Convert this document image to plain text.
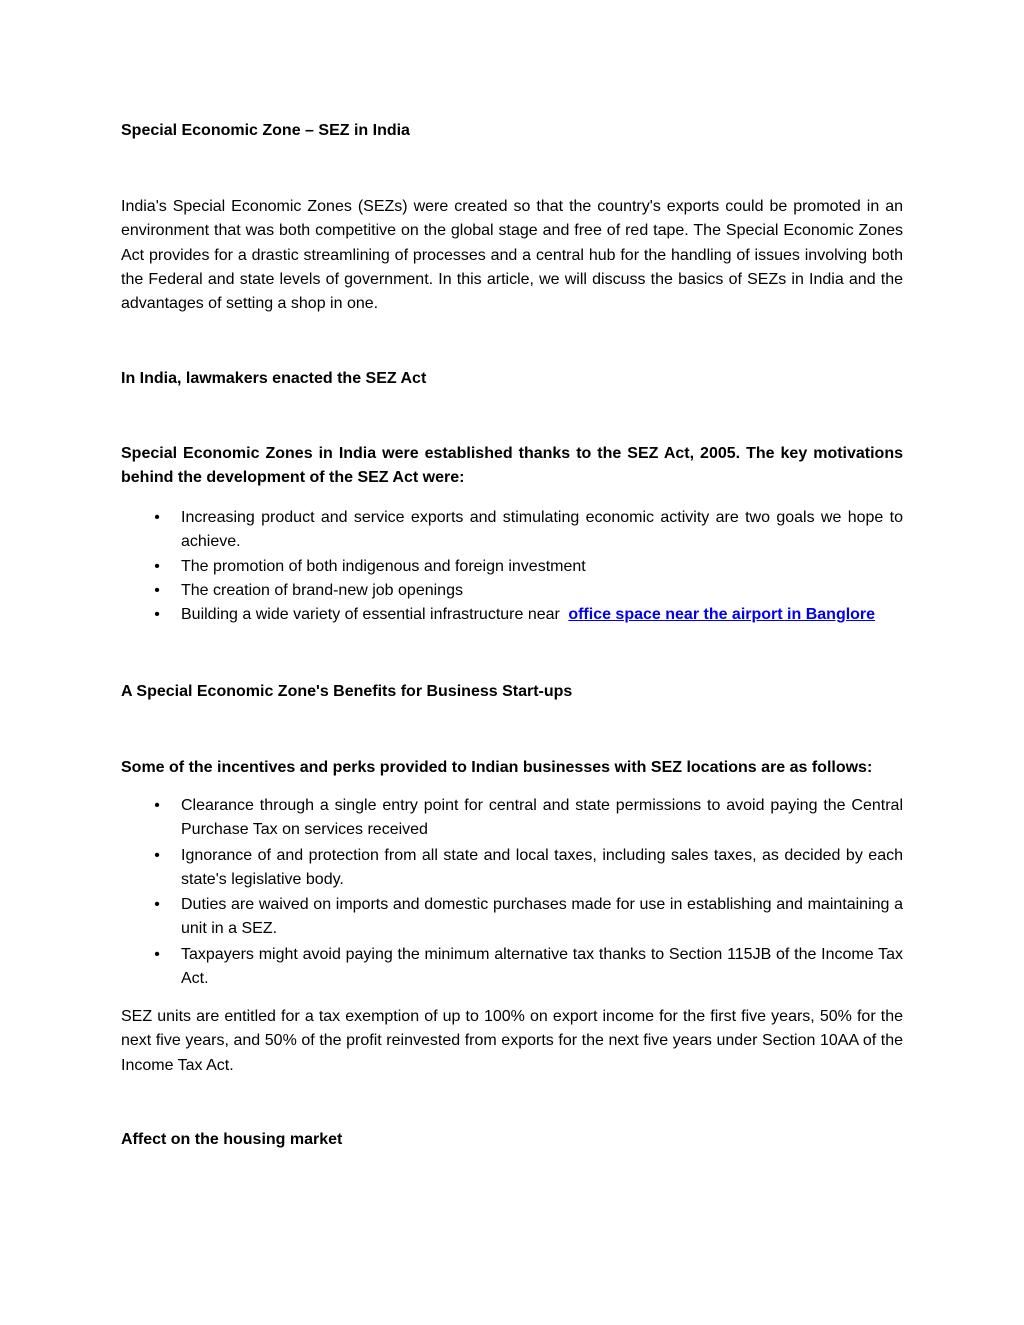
Special Economic Zone – SEZ in India

India's Special Economic Zones (SEZs) were created so that the country's exports could be promoted in an environment that was both competitive on the global stage and free of red tape. The Special Economic Zones Act provides for a drastic streamlining of processes and a central hub for the handling of issues involving both the Federal and state levels of government. In this article, we will discuss the basics of SEZs in India and the advantages of setting a shop in one.

In India, lawmakers enacted the SEZ Act

Special Economic Zones in India were established thanks to the SEZ Act, 2005. The key motivations behind the development of the SEZ Act were:

• Increasing product and service exports and stimulating economic activity are two goals we hope to achieve.
• The promotion of both indigenous and foreign investment
• The creation of brand-new job openings
• Building a wide variety of essential infrastructure near office space near the airport in Banglore

A Special Economic Zone's Benefits for Business Start-ups

Some of the incentives and perks provided to Indian businesses with SEZ locations are as follows:

• Clearance through a single entry point for central and state permissions to avoid paying the Central Purchase Tax on services received
• Ignorance of and protection from all state and local taxes, including sales taxes, as decided by each state's legislative body.
• Duties are waived on imports and domestic purchases made for use in establishing and maintaining a unit in a SEZ.
• Taxpayers might avoid paying the minimum alternative tax thanks to Section 115JB of the Income Tax Act.

SEZ units are entitled for a tax exemption of up to 100% on export income for the first five years, 50% for the next five years, and 50% of the profit reinvested from exports for the next five years under Section 10AA of the Income Tax Act.

Affect on the housing market
